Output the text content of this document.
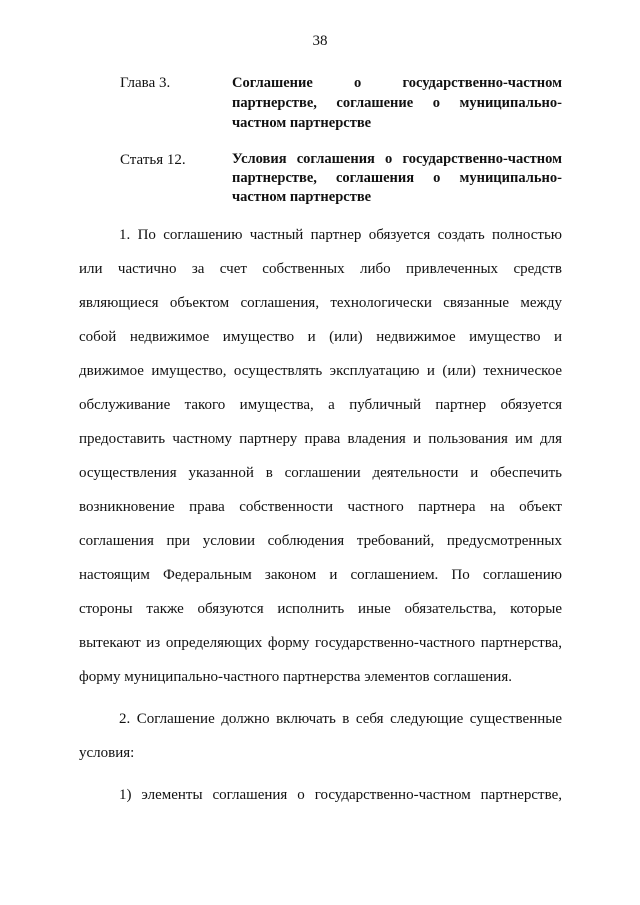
38
Глава 3.	Соглашение о государственно-частном партнерстве, соглашение о муниципально-частном партнерстве
Статья 12.	Условия соглашения о государственно-частном партнерстве, соглашения о муниципально-частном партнерстве

1. По соглашению частный партнер обязуется создать полностью или частично за счет собственных либо привлеченных средств являющиеся объектом соглашения, технологически связанные между собой недвижимое имущество и (или) недвижимое имущество и движимое имущество, осуществлять эксплуатацию и (или) техническое обслуживание такого имущества, а публичный партнер обязуется предоставить частному партнеру права владения и пользования им для осуществления указанной в соглашении деятельности и обеспечить возникновение права собственности частного партнера на объект соглашения при условии соблюдения требований, предусмотренных настоящим Федеральным законом и соглашением. По соглашению стороны также обязуются исполнить иные обязательства, которые вытекают из определяющих форму государственно-частного партнерства, форму муниципально-частного партнерства элементов соглашения.

2. Соглашение должно включать в себя следующие существенные условия:

1) элементы соглашения о государственно-частном партнерстве,
